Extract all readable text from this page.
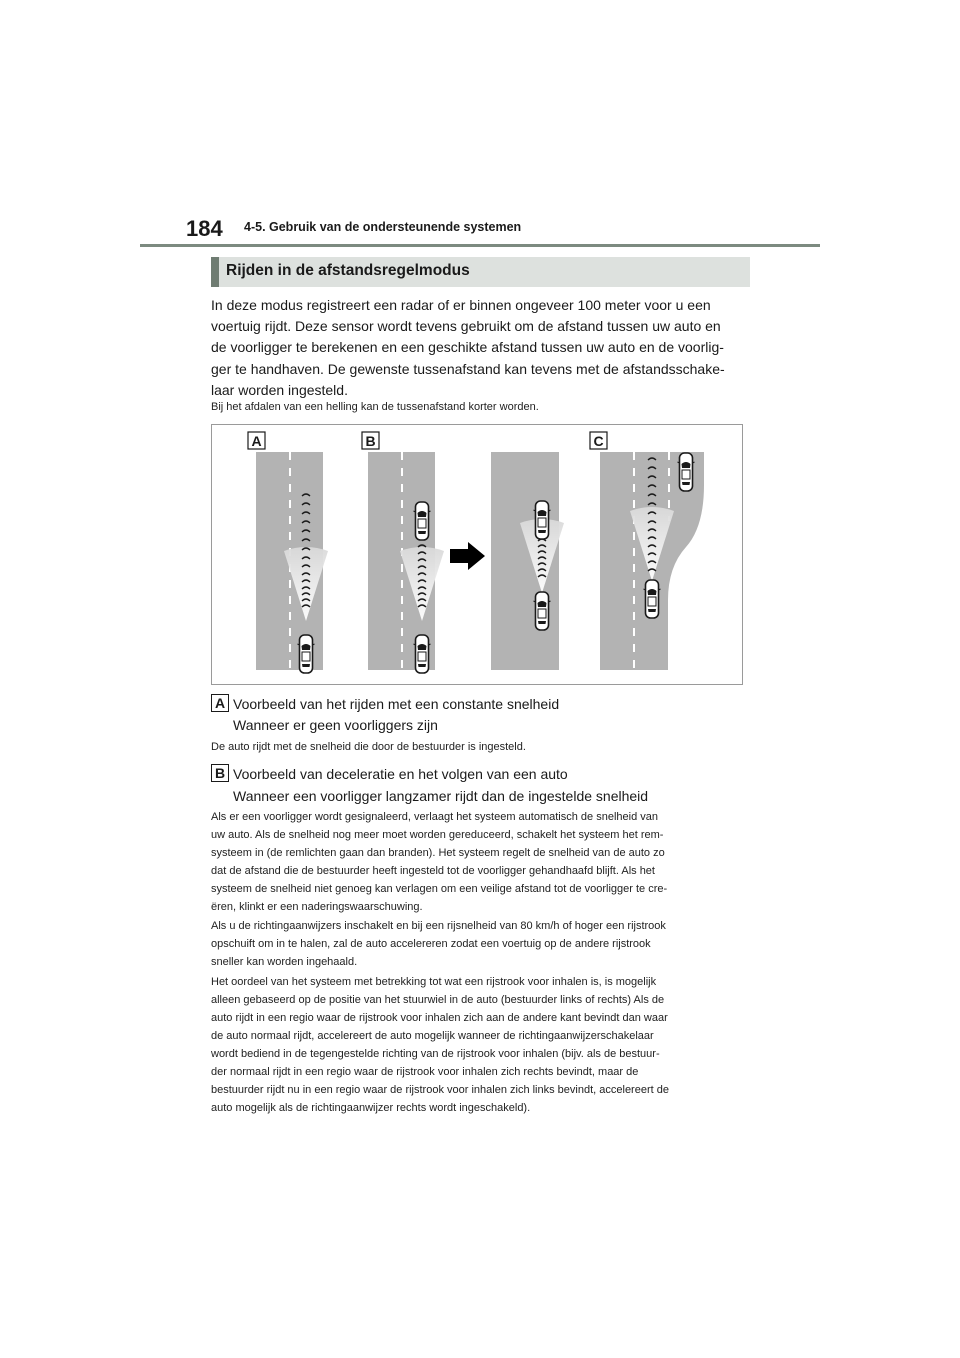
184 4-5. Gebruik van de ondersteunende systemen
Rijden in de afstandsregelmodus
In deze modus registreert een radar of er binnen ongeveer 100 meter voor u een
voertuig rijdt. Deze sensor wordt tevens gebruikt om de afstand tussen uw auto en
de voorligger te berekenen en een geschikte afstand tussen uw auto en de voorlig-
ger te handhaven. De gewenste tussenafstand kan tevens met de afstandsschake-
laar worden ingesteld.
Bij het afdalen van een helling kan de tussenafstand korter worden.
A	B	C
A Voorbeeld van het rijden met een constante snelheid
Wanneer er geen voorliggers zijn
De auto rijdt met de snelheid die door de bestuurder is ingesteld.
B Voorbeeld van deceleratie en het volgen van een auto
Wanneer een voorligger langzamer rijdt dan de ingestelde snelheid
Als er een voorligger wordt gesignaleerd, verlaagt het systeem automatisch de snelheid van
uw auto. Als de snelheid nog meer moet worden gereduceerd, schakelt het systeem het rem-
systeem in (de remlichten gaan dan branden). Het systeem regelt de snelheid van de auto zo
dat de afstand die de bestuurder heeft ingesteld tot de voorligger gehandhaafd blijft. Als het
systeem de snelheid niet genoeg kan verlagen om een veilige afstand tot de voorligger te cre-
ëren, klinkt er een naderingswaarschuwing.
Als u de richtingaanwijzers inschakelt en bij een rijsnelheid van 80 km/h of hoger een rijstrook
opschuift om in te halen, zal de auto accelereren zodat een voertuig op de andere rijstrook
sneller kan worden ingehaald.
Het oordeel van het systeem met betrekking tot wat een rijstrook voor inhalen is, is mogelijk
alleen gebaseerd op de positie van het stuurwiel in de auto (bestuurder links of rechts) Als de
auto rijdt in een regio waar de rijstrook voor inhalen zich aan de andere kant bevindt dan waar
de auto normaal rijdt, accelereert de auto mogelijk wanneer de richtingaanwijzerschakelaar
wordt bediend in de tegengestelde richting van de rijstrook voor inhalen (bijv. als de bestuur-
der normaal rijdt in een regio waar de rijstrook voor inhalen zich rechts bevindt, maar de
bestuurder rijdt nu in een regio waar de rijstrook voor inhalen zich links bevindt, accelereert de
auto mogelijk als de richtingaanwijzer rechts wordt ingeschakeld).
